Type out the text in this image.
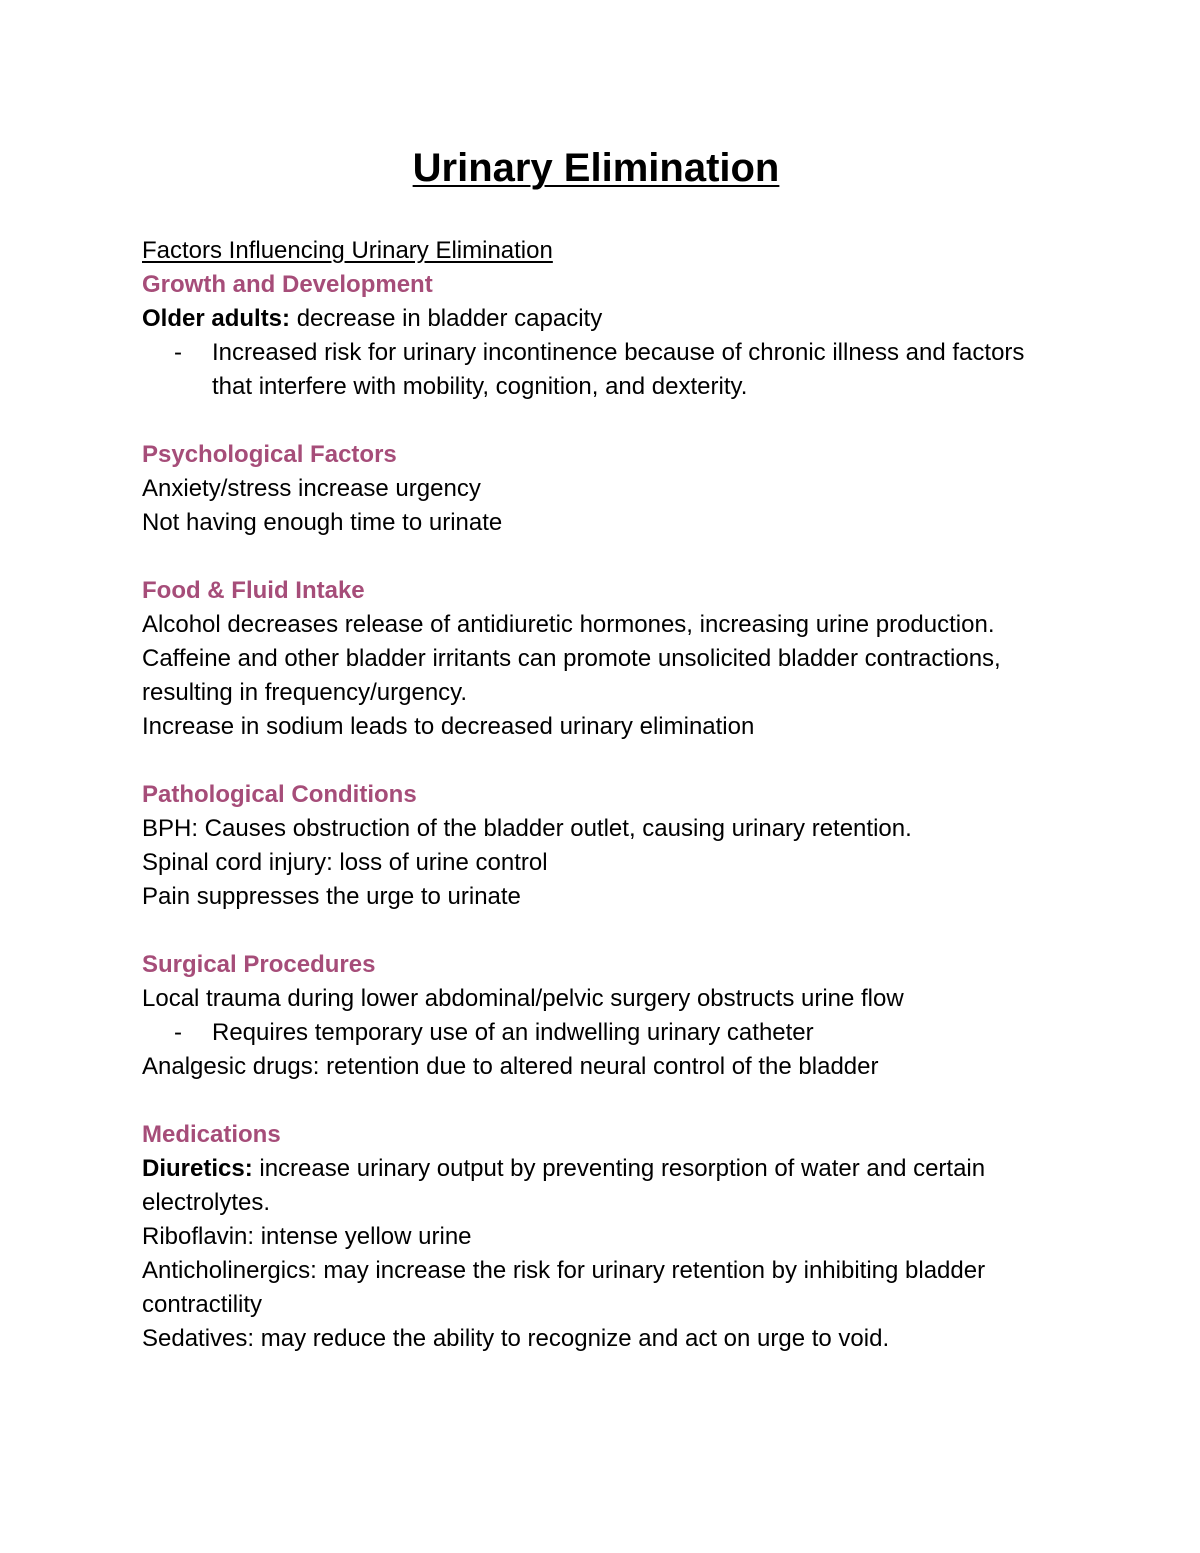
Urinary Elimination

Factors Influencing Urinary Elimination

Growth and Development

Older adults: decrease in bladder capacity

- Increased risk for urinary incontinence because of chronic illness and factors that interfere with mobility, cognition, and dexterity.

Psychological Factors

Anxiety/stress increase urgency

Not having enough time to urinate

Food & Fluid Intake

Alcohol decreases release of antidiuretic hormones, increasing urine production.

Caffeine and other bladder irritants can promote unsolicited bladder contractions, resulting in frequency/urgency.

Increase in sodium leads to decreased urinary elimination

Pathological Conditions

BPH: Causes obstruction of the bladder outlet, causing urinary retention.

Spinal cord injury: loss of urine control

Pain suppresses the urge to urinate

Surgical Procedures

Local trauma during lower abdominal/pelvic surgery obstructs urine flow

- Requires temporary use of an indwelling urinary catheter

Analgesic drugs: retention due to altered neural control of the bladder

Medications

Diuretics: increase urinary output by preventing resorption of water and certain electrolytes.

Riboflavin: intense yellow urine

Anticholinergics: may increase the risk for urinary retention by inhibiting bladder contractility

Sedatives: may reduce the ability to recognize and act on urge to void.
